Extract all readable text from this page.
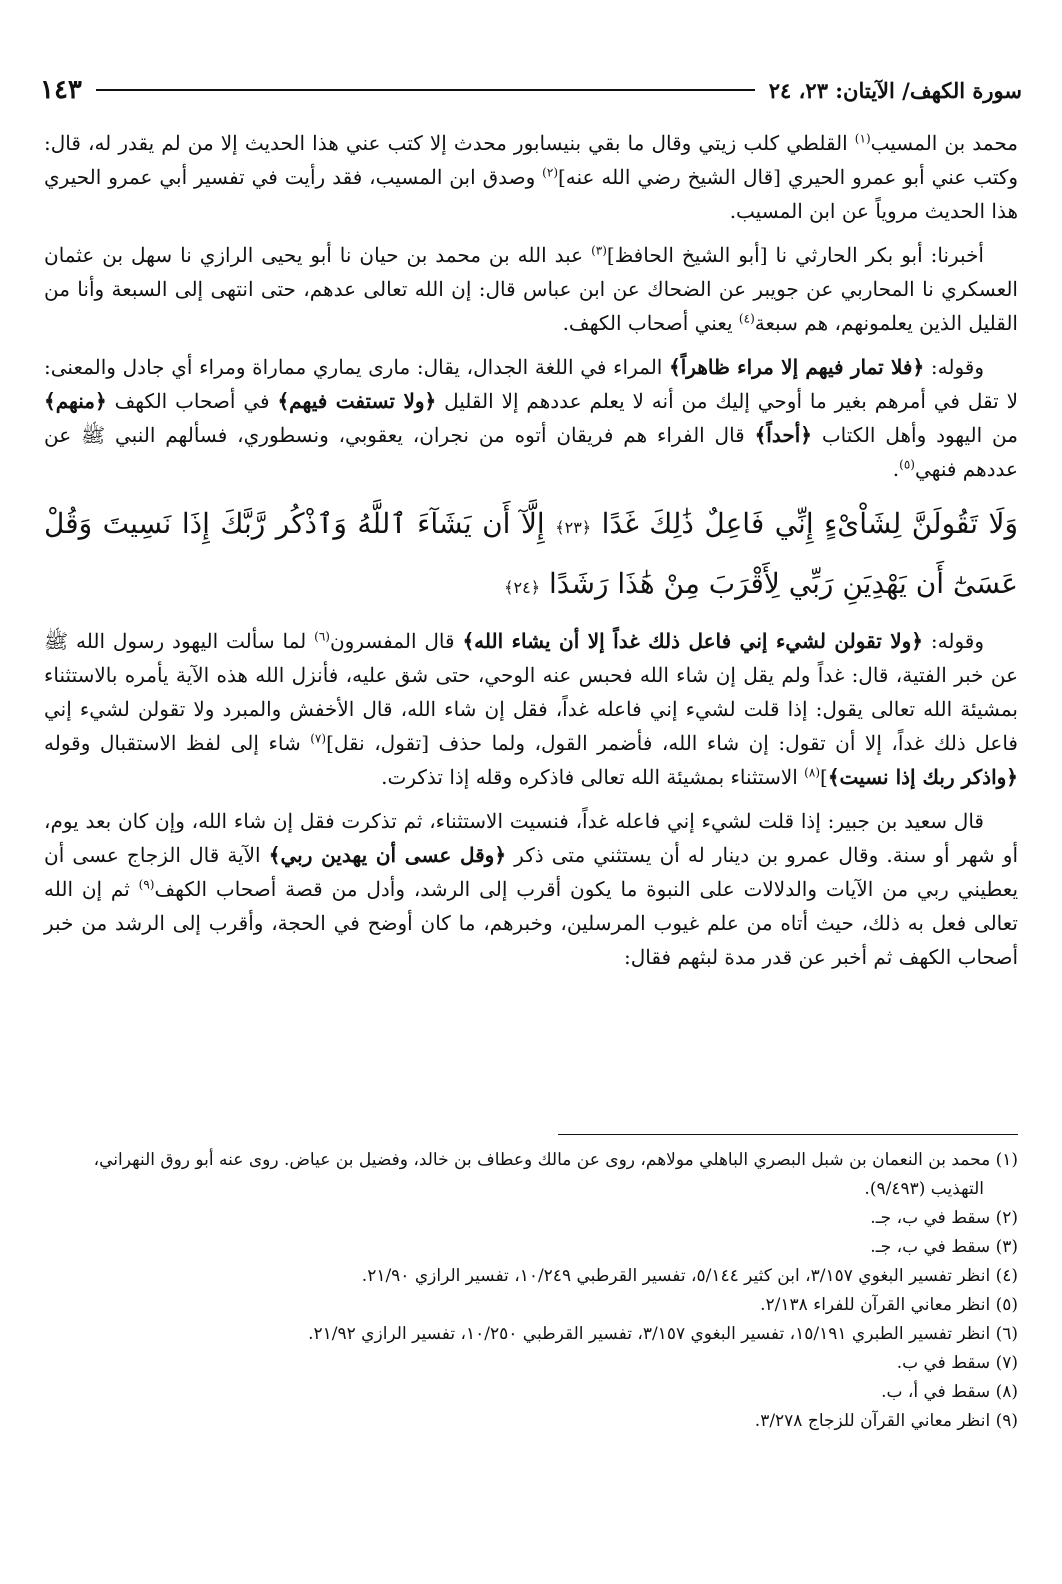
سورة الكهف/ الآيتان: ٢٣، ٢٤
١٤٣

محمد بن المسيب$^{(١)}$ القلطي كلب زيتي وقال ما بقي بنيسابور محدث إلا كتب عني هذا الحديث إلا من لم يقدر له، قال: وكتب عني أبو عمرو الحيري [قال الشيخ رضي الله عنه]$^{(٢)}$ وصدق ابن المسيب، فقد رأيت في تفسير أبي عمرو الحيري هذا الحديث مروياً عن ابن المسيب.

أخبرنا: أبو بكر الحارثي نا [أبو الشيخ الحافظ]$^{(٣)}$ عبد الله بن محمد بن حيان نا أبو يحيى الرازي نا سهل بن عثمان العسكري نا المحاربي عن جويبر عن الضحاك عن ابن عباس قال: إن الله تعالى عدهم، حتى انتهى إلى السبعة وأنا من القليل الذين يعلمونهم، هم سبعة$^{(٤)}$ يعني أصحاب الكهف.

وقوله: ﴿فلا تمار فيهم إلا مراء ظاهراً﴾ المراء في اللغة الجدال، يقال: مارى يماري مماراة ومراء أي جادل والمعنى: لا تقل في أمرهم بغير ما أوحي إليك من أنه لا يعلم عددهم إلا القليل ﴿ولا تستفت فيهم﴾ في أصحاب الكهف ﴿منهم﴾ من اليهود وأهل الكتاب ﴿أحداً﴾ قال الفراء هم فريقان أتوه من نجران، يعقوبي، ونسطوري، فسألهم النبي ﷺ عن عددهم فنهي$^{(٥)}$.

وَلَا تَقُولَنَّ لِشَاْىْءٍ إِنِّي فَاعِلٌ ذَٰلِكَ غَدًا ﴿٢٣﴾ إِلَّآ أَن يَشَآءَ ٱللَّهُ وَٱذْكُر رَّبَّكَ إِذَا نَسِيتَ وَقُلْ عَسَىٰٓ أَن يَهْدِيَنِ رَبِّي لِأَقْرَبَ مِنْ هَٰذَا رَشَدًا ﴿٢٤﴾

وقوله: ﴿ولا تقولن لشيء إني فاعل ذلك غداً إلا أن يشاء الله﴾ قال المفسرون$^{(٦)}$ لما سألت اليهود رسول الله ﷺ عن خبر الفتية، قال: غداً ولم يقل إن شاء الله فحبس عنه الوحي، حتى شق عليه، فأنزل الله هذه الآية يأمره بالاستثناء بمشيئة الله تعالى يقول: إذا قلت لشيء إني فاعله غداً، فقل إن شاء الله، قال الأخفش والمبرد ولا تقولن لشيء إني فاعل ذلك غداً، إلا أن تقول: إن شاء الله، فأضمر القول، ولما حذف [تقول، نقل]$^{(٧)}$ شاء إلى لفظ الاستقبال وقوله ﴿واذكر ربك إذا نسيت﴾]$^{(٨)}$ الاستثناء بمشيئة الله تعالى فاذكره وقله إذا تذكرت.

قال سعيد بن جبير: إذا قلت لشيء إني فاعله غداً، فنسيت الاستثناء، ثم تذكرت فقل إن شاء الله، وإن كان بعد يوم، أو شهر أو سنة. وقال عمرو بن دينار له أن يستثني متى ذكر ﴿وقل عسى أن يهدين ربي﴾ الآية قال الزجاج عسى أن يعطيني ربي من الآيات والدلالات على النبوة ما يكون أقرب إلى الرشد، وأدل من قصة أصحاب الكهف$^{(٩)}$ ثم إن الله تعالى فعل به ذلك، حيث أتاه من علم غيوب المرسلين، وخبرهم، ما كان أوضح في الحجة، وأقرب إلى الرشد من خبر أصحاب الكهف ثم أخبر عن قدر مدة لبثهم فقال:

(١) محمد بن النعمان بن شبل البصري الباهلي مولاهم، روى عن مالك وعطاف بن خالد، وفضيل بن عياض. روى عنه أبو روق النهراني، التهذيب (٩/٤٩٣).

(٢) سقط في ب، جـ.

(٣) سقط في ب، جـ.

(٤) انظر تفسير البغوي ٣/١٥٧، ابن كثير ٥/١٤٤، تفسير القرطبي ١٠/٢٤٩، تفسير الرازي ٢١/٩٠.

(٥) انظر معاني القرآن للفراء ٢/١٣٨.

(٦) انظر تفسير الطبري ١٥/١٩١، تفسير البغوي ٣/١٥٧، تفسير القرطبي ١٠/٢٥٠، تفسير الرازي ٢١/٩٢.

(٧) سقط في ب.

(٨) سقط في أ، ب.

(٩) انظر معاني القرآن للزجاج ٣/٢٧٨.
